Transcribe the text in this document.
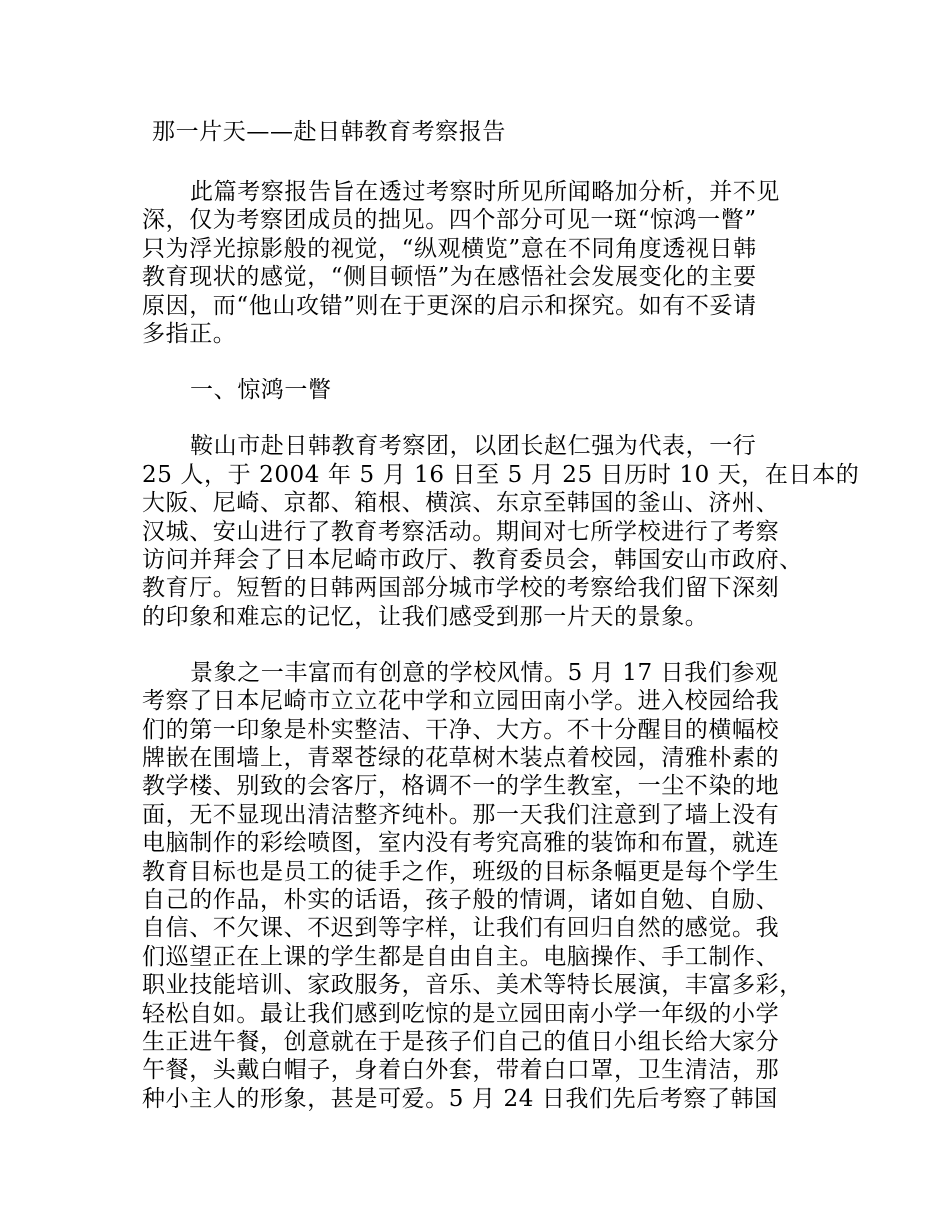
那一片天——赴日韩教育考察报告
此篇考察报告旨在透过考察时所见所闻略加分析，并不见
深，仅为考察团成员的拙见。四个部分可见一斑“惊鸿一瞥”
只为浮光掠影般的视觉，“纵观横览”意在不同角度透视日韩
教育现状的感觉，“侧目顿悟”为在感悟社会发展变化的主要
原因，而“他山攻错”则在于更深的启示和探究。如有不妥请
多指正。
一、惊鸿一瞥
鞍山市赴日韩教育考察团，以团长赵仁强为代表，一行
25 人，于 2004 年 5 月 16 日至 5 月 25 日历时 10 天，在日本的
大阪、尼崎、京都、箱根、横滨、东京至韩国的釜山、济州、
汉城、安山进行了教育考察活动。期间对七所学校进行了考察
访问并拜会了日本尼崎市政厅、教育委员会，韩国安山市政府、
教育厅。短暂的日韩两国部分城市学校的考察给我们留下深刻
的印象和难忘的记忆，让我们感受到那一片天的景象。
景象之一丰富而有创意的学校风情。5 月 17 日我们参观
考察了日本尼崎市立立花中学和立园田南小学。进入校园给我
们的第一印象是朴实整洁、干净、大方。不十分醒目的横幅校
牌嵌在围墙上，青翠苍绿的花草树木装点着校园，清雅朴素的
教学楼、别致的会客厅，格调不一的学生教室，一尘不染的地
面，无不显现出清洁整齐纯朴。那一天我们注意到了墙上没有
电脑制作的彩绘喷图，室内没有考究高雅的装饰和布置，就连
教育目标也是员工的徒手之作，班级的目标条幅更是每个学生
自己的作品，朴实的话语，孩子般的情调，诸如自勉、自励、
自信、不欠课、不迟到等字样，让我们有回归自然的感觉。我
们巡望正在上课的学生都是自由自主。电脑操作、手工制作、
职业技能培训、家政服务，音乐、美术等特长展演，丰富多彩，
轻松自如。最让我们感到吃惊的是立园田南小学一年级的小学
生正进午餐，创意就在于是孩子们自己的值日小组长给大家分
午餐，头戴白帽子，身着白外套，带着白口罩，卫生清洁，那
种小主人的形象，甚是可爱。5 月 24 日我们先后考察了韩国
